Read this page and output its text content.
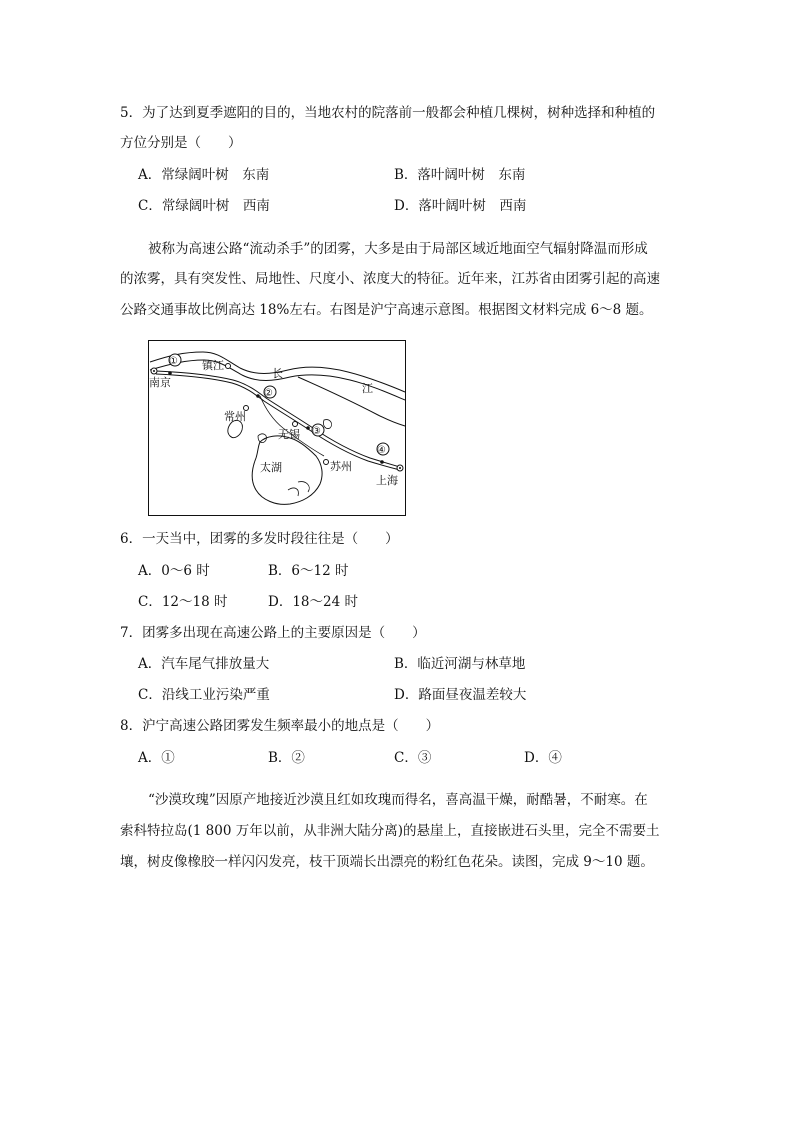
5．为了达到夏季遮阳的目的，当地农村的院落前一般都会种植几棵树，树种选择和种植的
方位分别是（　　）
A．常绿阔叶树　东南	B．落叶阔叶树　东南
C．常绿阔叶树　西南	D．落叶阔叶树　西南
被称为高速公路“流动杀手”的团雾，大多是由于局部区域近地面空气辐射降温而形成
的浓雾，具有突发性、局地性、尺度小、浓度大的特征。近年来，江苏省由团雾引起的高速
公路交通事故比例高达 18%左右。右图是沪宁高速示意图。根据图文材料完成 6～8 题。
南京
镇江
长
江
常州
无锡
太湖	苏州
上海
①
②
③
④
6．一天当中，团雾的多发时段往往是（　　）
A．0～6 时	B．6～12 时
C．12～18 时	D．18～24 时
7．团雾多出现在高速公路上的主要原因是（　　）
A．汽车尾气排放量大	B．临近河湖与林草地
C．沿线工业污染严重	D．路面昼夜温差较大
8．沪宁高速公路团雾发生频率最小的地点是（　　）
A．①	B．②	C．③	D．④
“沙漠玫瑰”因原产地接近沙漠且红如玫瑰而得名，喜高温干燥，耐酷暑，不耐寒。在
索科特拉岛(1 800 万年以前，从非洲大陆分离)的悬崖上，直接嵌进石头里，完全不需要土
壤，树皮像橡胶一样闪闪发亮，枝干顶端长出漂亮的粉红色花朵。读图，完成 9～10 题。
